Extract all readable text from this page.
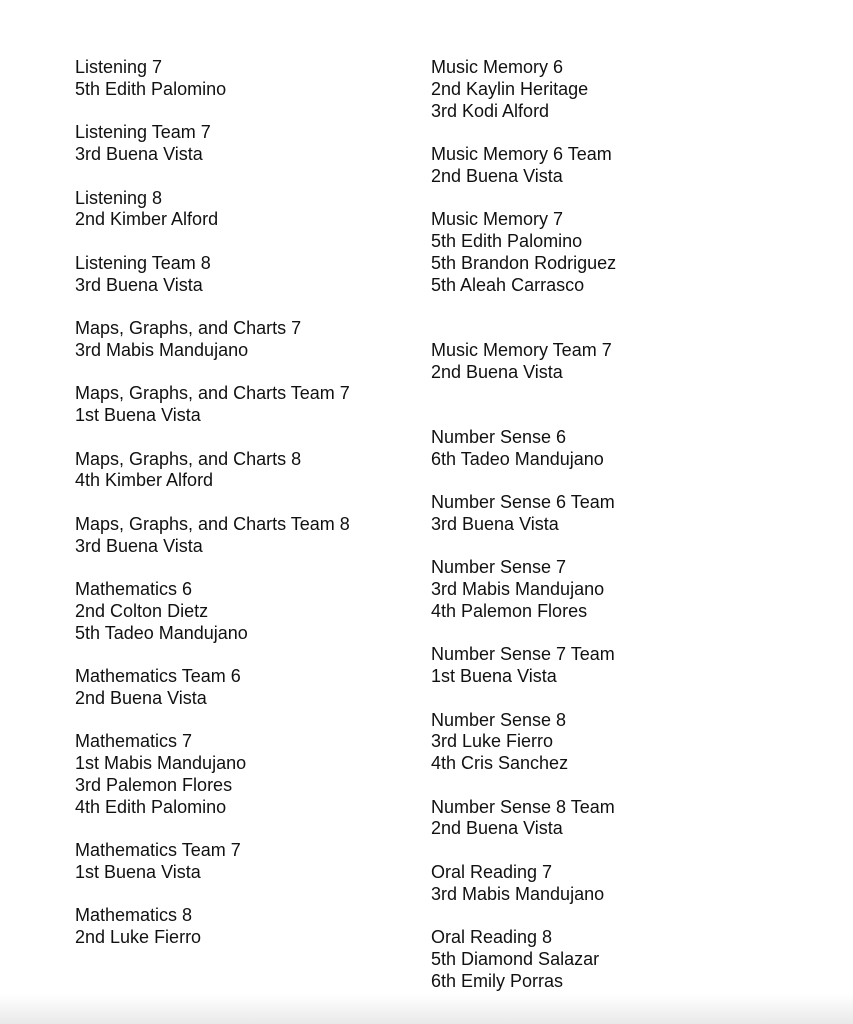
Listening 7
5th Edith Palomino
Listening Team 7
3rd Buena Vista
Listening 8
2nd Kimber Alford
Listening Team 8
3rd Buena Vista
Maps, Graphs, and Charts 7
3rd Mabis Mandujano
Maps, Graphs, and Charts Team 7
1st Buena Vista
Maps, Graphs, and Charts 8
4th Kimber Alford
Maps, Graphs, and Charts Team 8
3rd Buena Vista
Mathematics 6
2nd Colton Dietz
5th Tadeo Mandujano
Mathematics Team 6
2nd Buena Vista
Mathematics 7
1st Mabis Mandujano
3rd Palemon Flores
4th Edith Palomino
Mathematics Team 7
1st Buena Vista
Mathematics 8
2nd Luke Fierro
Music Memory 6
2nd Kaylin Heritage
3rd Kodi Alford
Music Memory 6 Team
2nd Buena Vista
Music Memory 7
5th Edith Palomino
5th Brandon Rodriguez
5th Aleah Carrasco
Music Memory Team 7
2nd Buena Vista
Number Sense 6
6th Tadeo Mandujano
Number Sense 6 Team
3rd Buena Vista
Number Sense 7
3rd Mabis Mandujano
4th Palemon Flores
Number Sense 7 Team
1st Buena Vista
Number Sense 8
3rd Luke Fierro
4th Cris Sanchez
Number Sense 8 Team
2nd Buena Vista
Oral Reading 7
3rd Mabis Mandujano
Oral Reading 8
5th Diamond Salazar
6th Emily Porras
